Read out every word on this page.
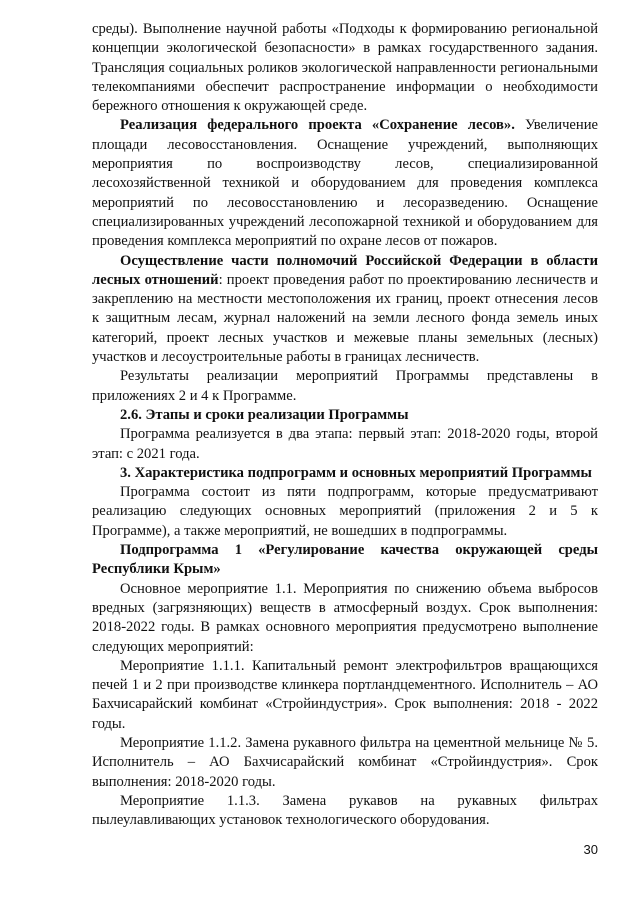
среды). Выполнение научной работы «Подходы к формированию региональной концепции экологической безопасности» в рамках государственного задания. Трансляция социальных роликов экологической направленности региональными телекомпаниями обеспечит распространение информации о необходимости бережного отношения к окружающей среде.

Реализация федерального проекта «Сохранение лесов». Увеличение площади лесовосстановления. Оснащение учреждений, выполняющих мероприятия по воспроизводству лесов, специализированной лесохозяйственной техникой и оборудованием для проведения комплекса мероприятий по лесовосстановлению и лесоразведению. Оснащение специализированных учреждений лесопожарной техникой и оборудованием для проведения комплекса мероприятий по охране лесов от пожаров.

Осуществление части полномочий Российской Федерации в области лесных отношений: проект проведения работ по проектированию лесничеств и закреплению на местности местоположения их границ, проект отнесения лесов к защитным лесам, журнал наложений на земли лесного фонда земель иных категорий, проект лесных участков и межевые планы земельных (лесных) участков и лесоустроительные работы в границах лесничеств.

Результаты реализации мероприятий Программы представлены в приложениях 2 и 4 к Программе.

2.6. Этапы и сроки реализации Программы

Программа реализуется в два этапа: первый этап: 2018-2020 годы, второй этап: с 2021 года.

3. Характеристика подпрограмм и основных мероприятий Программы

Программа состоит из пяти подпрограмм, которые предусматривают реализацию следующих основных мероприятий (приложения 2 и 5 к Программе), а также мероприятий, не вошедших в подпрограммы.

Подпрограмма 1 «Регулирование качества окружающей среды Республики Крым»

Основное мероприятие 1.1. Мероприятия по снижению объема выбросов вредных (загрязняющих) веществ в атмосферный воздух. Срок выполнения: 2018-2022 годы. В рамках основного мероприятия предусмотрено выполнение следующих мероприятий:

Мероприятие 1.1.1. Капитальный ремонт электрофильтров вращающихся печей 1 и 2 при производстве клинкера портландцементного. Исполнитель – АО Бахчисарайский комбинат «Стройиндустрия». Срок выполнения: 2018 - 2022 годы.

Мероприятие 1.1.2. Замена рукавного фильтра на цементной мельнице № 5. Исполнитель – АО Бахчисарайский комбинат «Стройиндустрия». Срок выполнения: 2018-2020 годы.

Мероприятие 1.1.3. Замена рукавов на рукавных фильтрах пылеулавливающих установок технологического оборудования.

30
